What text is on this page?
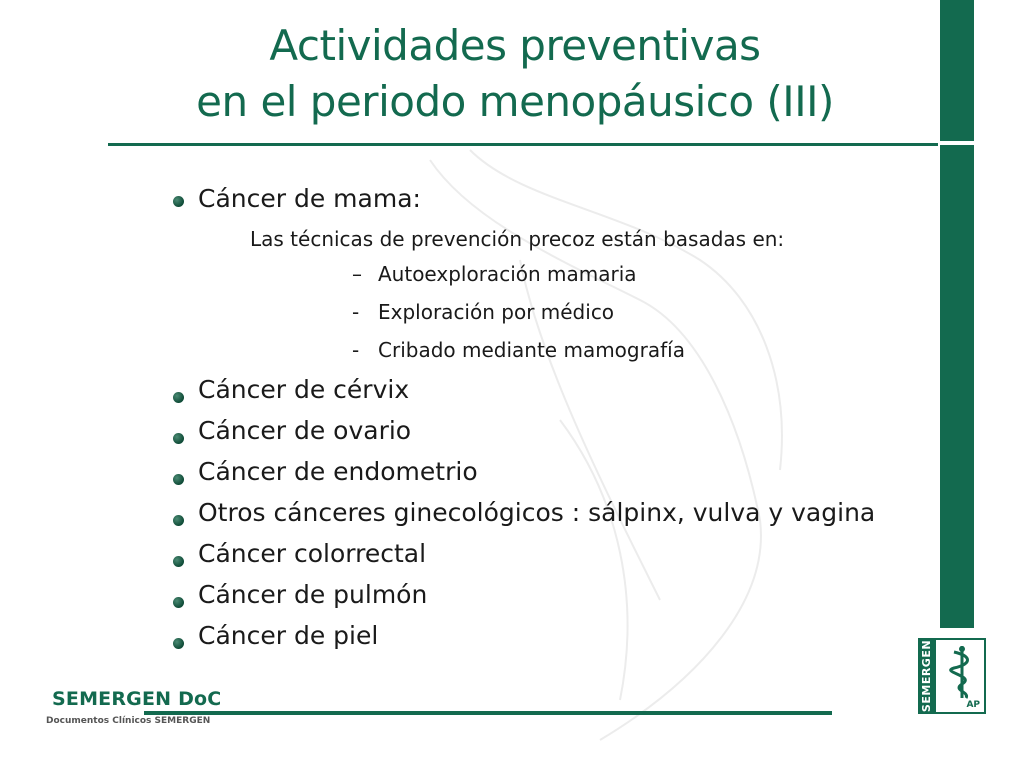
Actividades preventivas
en el periodo menopáusico (III)
Cáncer de mama:
Las técnicas de prevención precoz están basadas en:
– Autoexploración mamaria
- Exploración por médico
- Cribado mediante mamografía
Cáncer de cérvix
Cáncer de ovario
Cáncer de endometrio
Otros cánceres ginecológicos : sálpinx, vulva y vagina
Cáncer colorrectal
Cáncer de pulmón
Cáncer de piel
SEMERGEN DoC
Documentos Clínicos SEMERGEN
SEMERGEN	AP
